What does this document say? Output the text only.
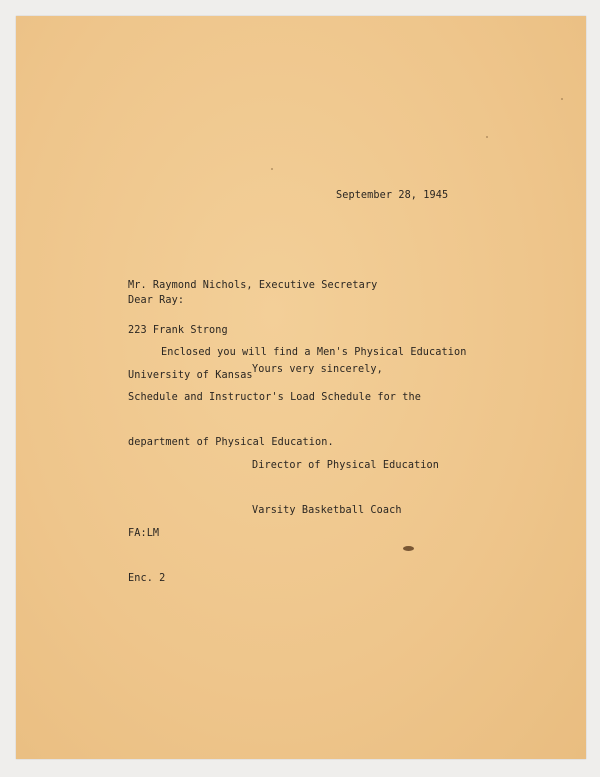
September 28, 1945

Mr. Raymond Nichols, Executive Secretary

223 Frank Strong

University of Kansas

Dear Ray:

Enclosed you will find a Men's Physical Education

Schedule and Instructor's Load Schedule for the

department of Physical Education.

Yours very sincerely,

Director of Physical Education

Varsity Basketball Coach

FA:LM

Enc. 2
